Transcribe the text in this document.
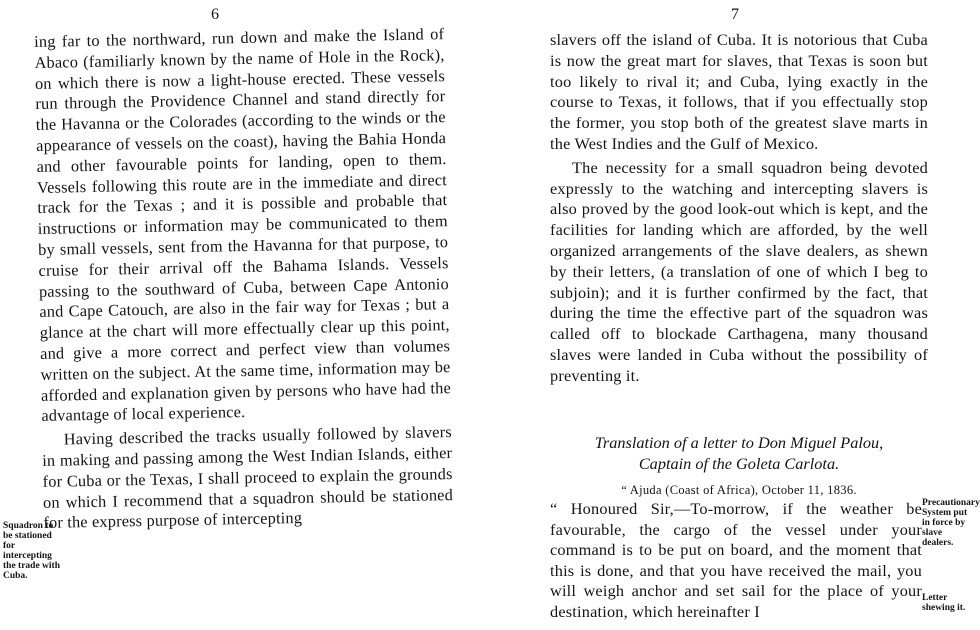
6

ing far to the northward, run down and make the Island of Abaco (familiarly known by the name of Hole in the Rock), on which there is now a light-house erected. These vessels run through the Providence Channel and stand directly for the Havanna or the Colorades (according to the winds or the appearance of vessels on the coast), having the Bahia Honda and other favourable points for landing, open to them. Vessels following this route are in the immediate and direct track for the Texas ; and it is possible and probable that instructions or information may be communicated to them by small vessels, sent from the Havanna for that purpose, to cruise for their arrival off the Bahama Islands. Vessels passing to the southward of Cuba, between Cape Antonio and Cape Catouch, are also in the fair way for Texas ; but a glance at the chart will more effectually clear up this point, and give a more correct and perfect view than volumes written on the subject. At the same time, information may be afforded and explanation given by persons who have had the advantage of local experience.

Having described the tracks usually followed by slavers in making and passing among the West Indian Islands, either for Cuba or the Texas, I shall proceed to explain the grounds on which I recommend that a squadron should be stationed for the express purpose of intercepting

Squadron to be stationed for intercepting the trade with Cuba.

7

slavers off the island of Cuba. It is notorious that Cuba is now the great mart for slaves, that Texas is soon but too likely to rival it; and Cuba, lying exactly in the course to Texas, it follows, that if you effectually stop the former, you stop both of the greatest slave marts in the West Indies and the Gulf of Mexico.

The necessity for a small squadron being devoted expressly to the watching and intercepting slavers is also proved by the good look-out which is kept, and the facilities for landing which are afforded, by the well organized arrangements of the slave dealers, as shewn by their letters, (a translation of one of which I beg to subjoin); and it is further confirmed by the fact, that during the time the effective part of the squadron was called off to blockade Carthagena, many thousand slaves were landed in Cuba without the possibility of preventing it.

Translation of a letter to Don Miguel Palou,
Captain of the Goleta Carlota.
“ Ajuda (Coast of Africa), October 11, 1836.

“ Honoured Sir,—To-morrow, if the weather be favourable, the cargo of the vessel under your command is to be put on board, and the moment that this is done, and that you have received the mail, you will weigh anchor and set sail for the place of your destination, which hereinafter I

Precautionary System put in force by slave dealers.

Letter shewing it.
